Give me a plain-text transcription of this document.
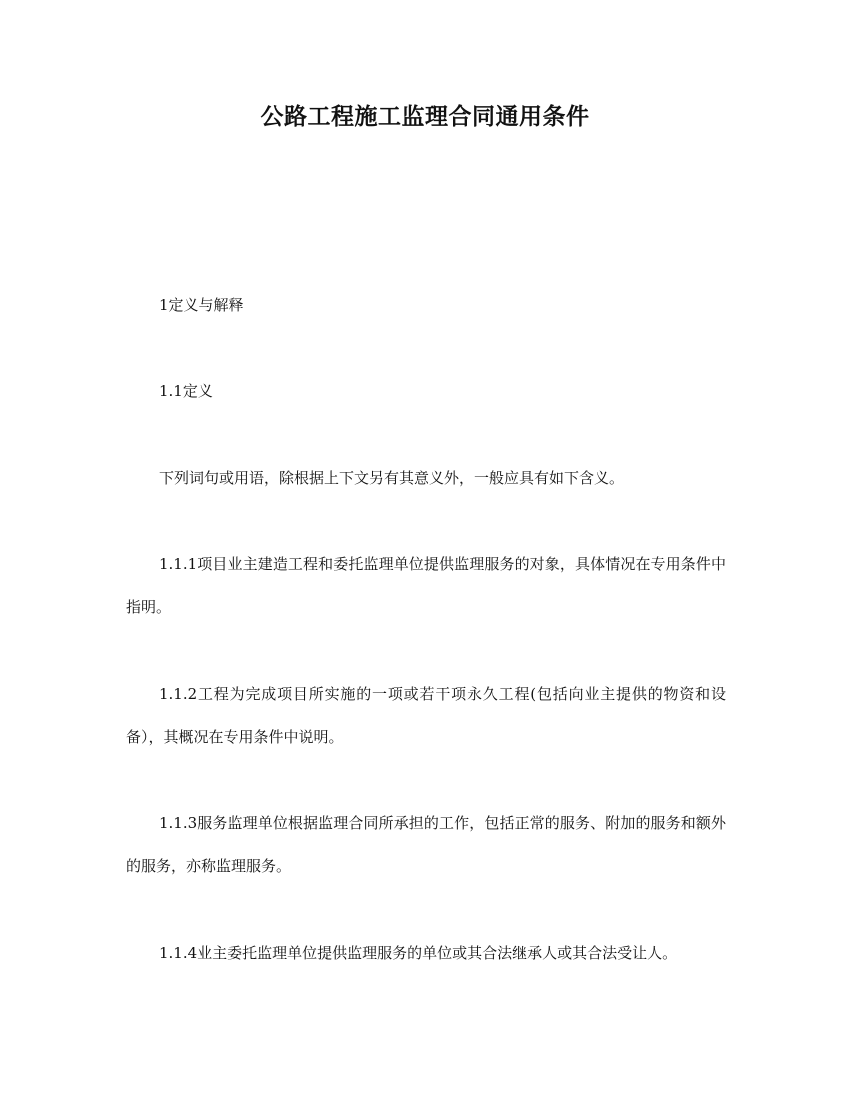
公路工程施工监理合同通用条件

1定义与解释

1.1定义

下列词句或用语，除根据上下文另有其意义外，一般应具有如下含义。

1.1.1项目业主建造工程和委托监理单位提供监理服务的对象，具体情况在专用条件中指明。

1.1.2工程为完成项目所实施的一项或若干项永久工程(包括向业主提供的物资和设备），其概况在专用条件中说明。

1.1.3服务监理单位根据监理合同所承担的工作，包括正常的服务、附加的服务和额外的服务，亦称监理服务。

1.1.4业主委托监理单位提供监理服务的单位或其合法继承人或其合法受让人。
